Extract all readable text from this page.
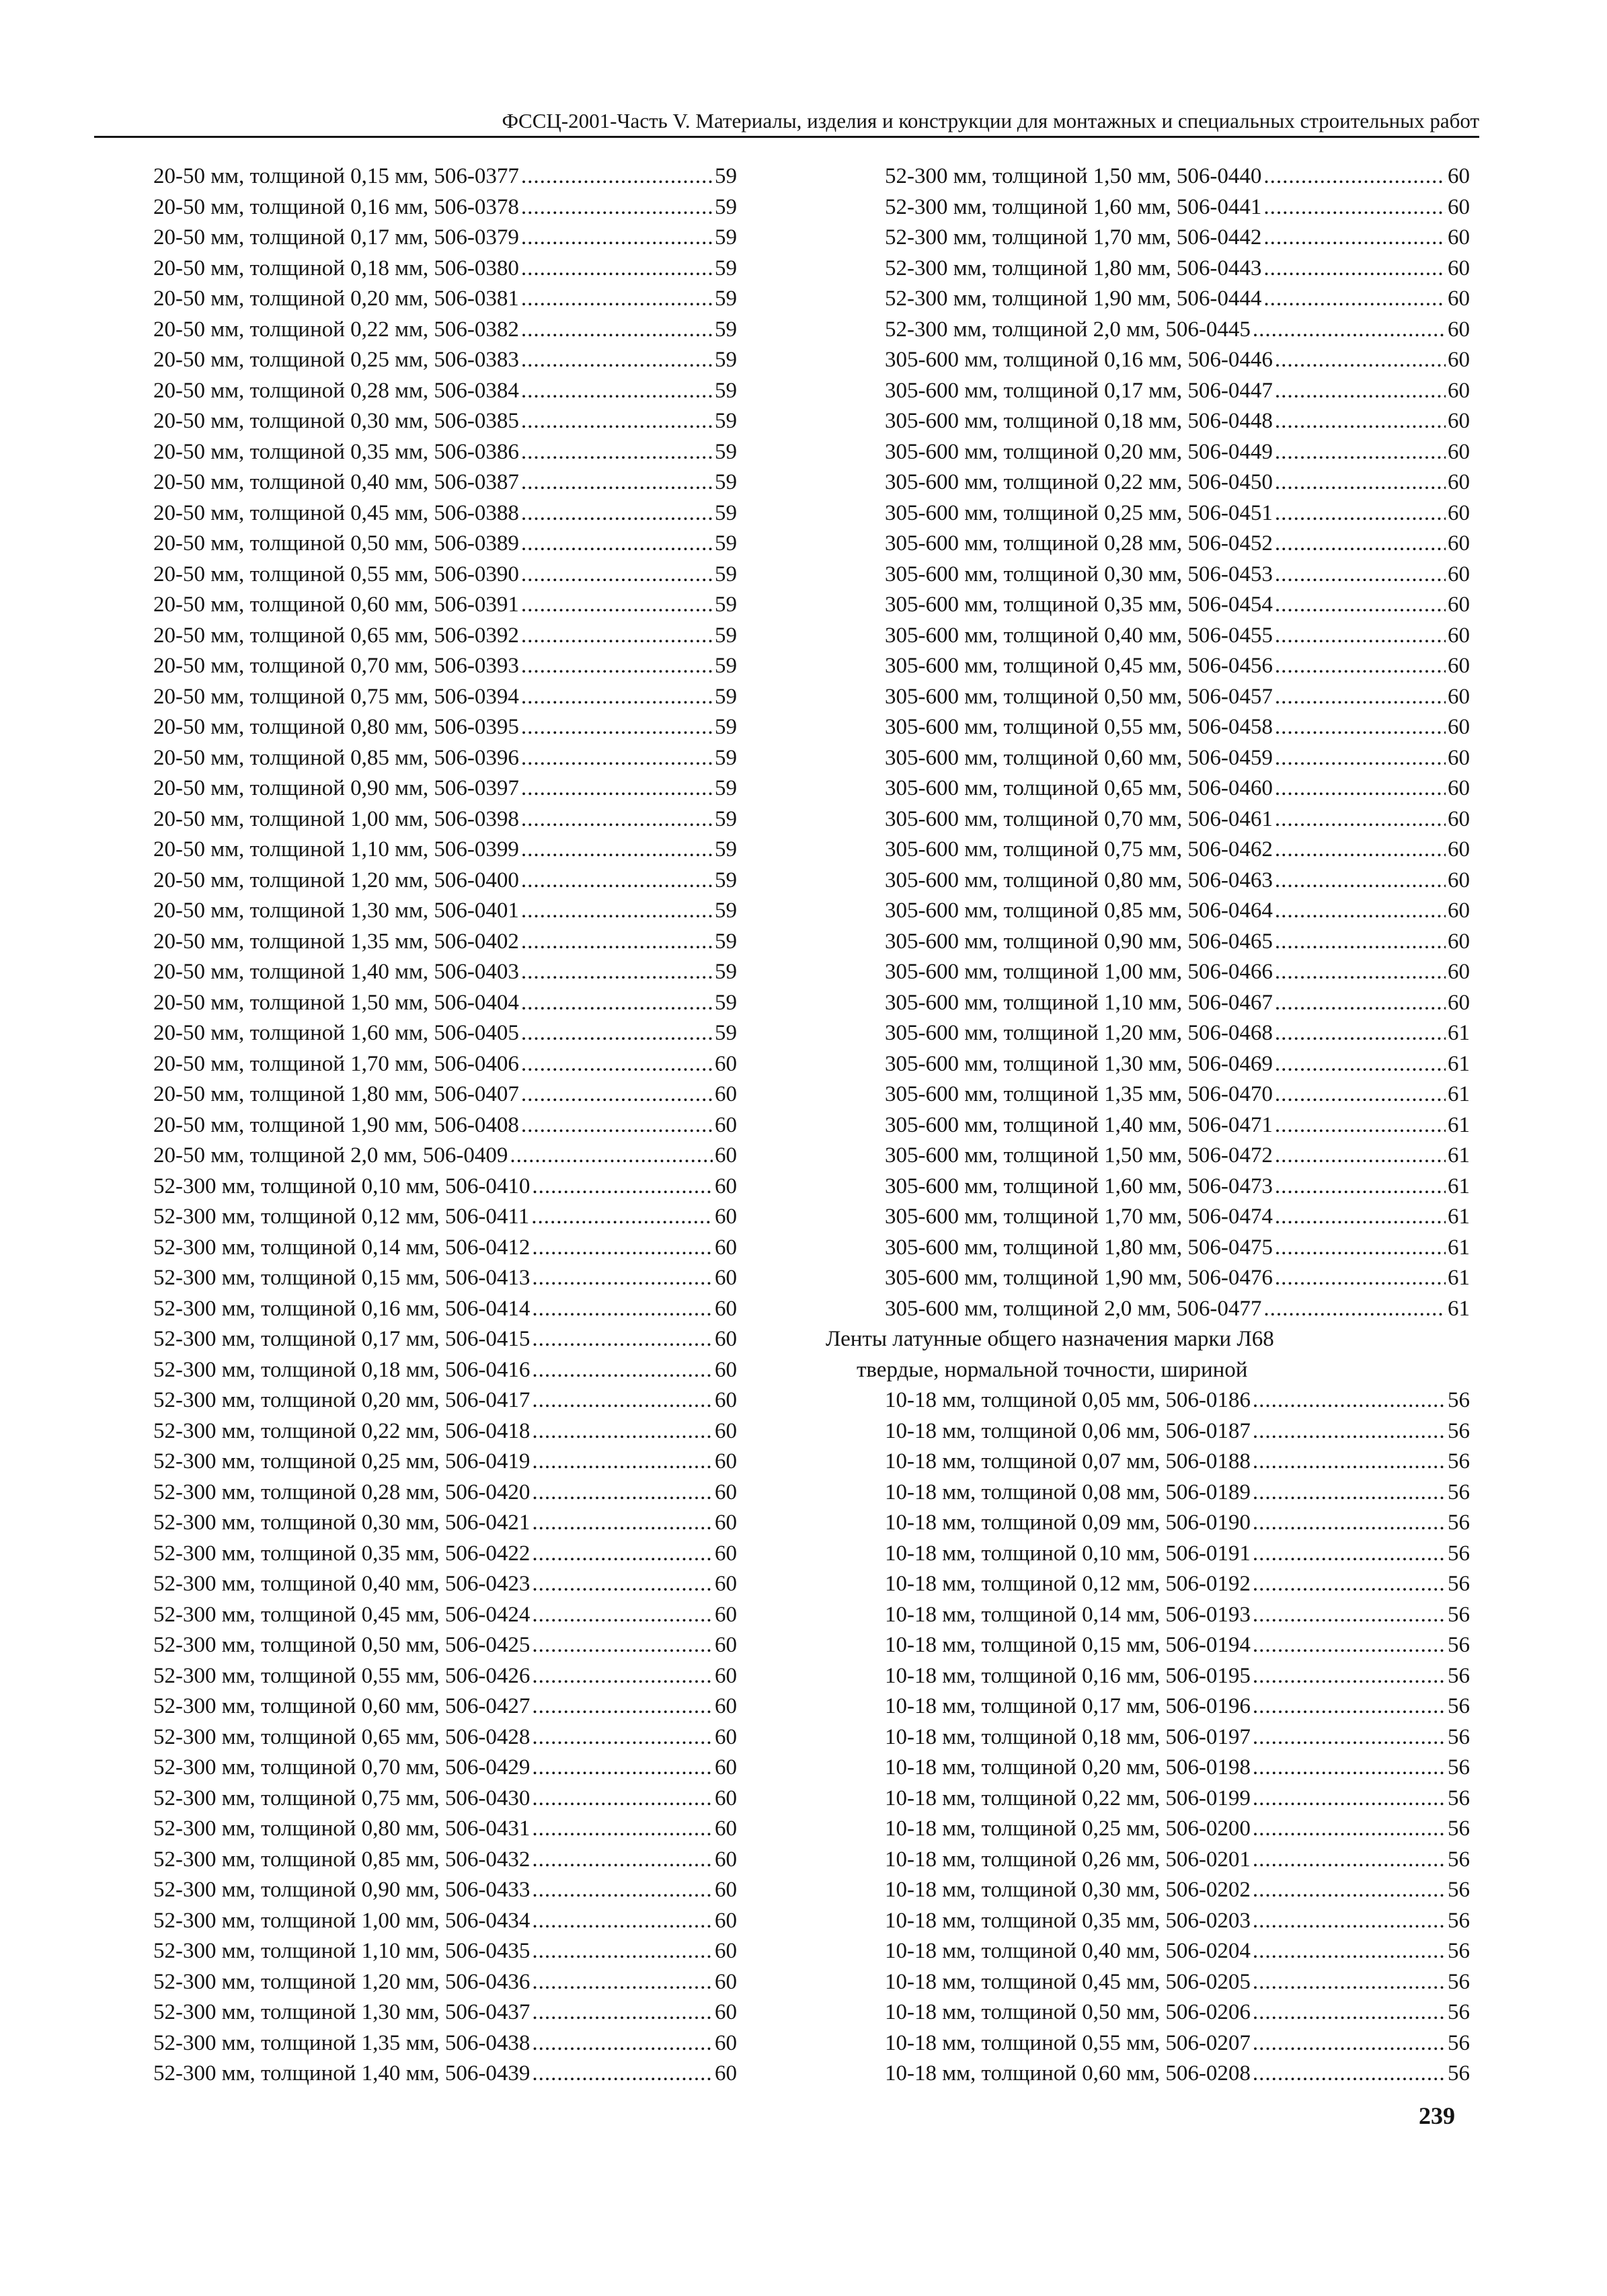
ФССЦ-2001-Часть V. Материалы, изделия и конструкции для монтажных и специальных строительных работ
20-50 мм, толщиной 0,15 мм, 506-0377 .....	59
20-50 мм, толщиной 0,16 мм, 506-0378 .....	59
20-50 мм, толщиной 0,17 мм, 506-0379 .....	59
20-50 мм, толщиной 0,18 мм, 506-0380 .....	59
20-50 мм, толщиной 0,20 мм, 506-0381 .....	59
20-50 мм, толщиной 0,22 мм, 506-0382 .....	59
20-50 мм, толщиной 0,25 мм, 506-0383 .....	59
20-50 мм, толщиной 0,28 мм, 506-0384 .....	59
20-50 мм, толщиной 0,30 мм, 506-0385 .....	59
20-50 мм, толщиной 0,35 мм, 506-0386 .....	59
20-50 мм, толщиной 0,40 мм, 506-0387 .....	59
20-50 мм, толщиной 0,45 мм, 506-0388 .....	59
20-50 мм, толщиной 0,50 мм, 506-0389 .....	59
20-50 мм, толщиной 0,55 мм, 506-0390 .....	59
20-50 мм, толщиной 0,60 мм, 506-0391 .....	59
20-50 мм, толщиной 0,65 мм, 506-0392 .....	59
20-50 мм, толщиной 0,70 мм, 506-0393 .....	59
20-50 мм, толщиной 0,75 мм, 506-0394 .....	59
20-50 мм, толщиной 0,80 мм, 506-0395 .....	59
20-50 мм, толщиной 0,85 мм, 506-0396 .....	59
20-50 мм, толщиной 0,90 мм, 506-0397 .....	59
20-50 мм, толщиной 1,00 мм, 506-0398 .....	59
20-50 мм, толщиной 1,10 мм, 506-0399 .....	59
20-50 мм, толщиной 1,20 мм, 506-0400 .....	59
20-50 мм, толщиной 1,30 мм, 506-0401 .....	59
20-50 мм, толщиной 1,35 мм, 506-0402 .....	59
20-50 мм, толщиной 1,40 мм, 506-0403 .....	59
20-50 мм, толщиной 1,50 мм, 506-0404 .....	59
20-50 мм, толщиной 1,60 мм, 506-0405 .....	59
20-50 мм, толщиной 1,70 мм, 506-0406 .....	60
20-50 мм, толщиной 1,80 мм, 506-0407 .....	60
20-50 мм, толщиной 1,90 мм, 506-0408 .....	60
20-50 мм, толщиной 2,0 мм, 506-0409 .....	60
52-300 мм, толщиной 0,10 мм, 506-0410 .....	60
52-300 мм, толщиной 0,12 мм, 506-0411 .....	60
52-300 мм, толщиной 0,14 мм, 506-0412 .....	60
52-300 мм, толщиной 0,15 мм, 506-0413 .....	60
52-300 мм, толщиной 0,16 мм, 506-0414 .....	60
52-300 мм, толщиной 0,17 мм, 506-0415 .....	60
52-300 мм, толщиной 0,18 мм, 506-0416 .....	60
52-300 мм, толщиной 0,20 мм, 506-0417 .....	60
52-300 мм, толщиной 0,22 мм, 506-0418 .....	60
52-300 мм, толщиной 0,25 мм, 506-0419 .....	60
52-300 мм, толщиной 0,28 мм, 506-0420 .....	60
52-300 мм, толщиной 0,30 мм, 506-0421 .....	60
52-300 мм, толщиной 0,35 мм, 506-0422 .....	60
52-300 мм, толщиной 0,40 мм, 506-0423 .....	60
52-300 мм, толщиной 0,45 мм, 506-0424 .....	60
52-300 мм, толщиной 0,50 мм, 506-0425 .....	60
52-300 мм, толщиной 0,55 мм, 506-0426 .....	60
52-300 мм, толщиной 0,60 мм, 506-0427 .....	60
52-300 мм, толщиной 0,65 мм, 506-0428 .....	60
52-300 мм, толщиной 0,70 мм, 506-0429 .....	60
52-300 мм, толщиной 0,75 мм, 506-0430 .....	60
52-300 мм, толщиной 0,80 мм, 506-0431 .....	60
52-300 мм, толщиной 0,85 мм, 506-0432 .....	60
52-300 мм, толщиной 0,90 мм, 506-0433 .....	60
52-300 мм, толщиной 1,00 мм, 506-0434 .....	60
52-300 мм, толщиной 1,10 мм, 506-0435 .....	60
52-300 мм, толщиной 1,20 мм, 506-0436 .....	60
52-300 мм, толщиной 1,30 мм, 506-0437 .....	60
52-300 мм, толщиной 1,35 мм, 506-0438 .....	60
52-300 мм, толщиной 1,40 мм, 506-0439 .....	60
52-300 мм, толщиной 1,50 мм, 506-0440 .....	60
52-300 мм, толщиной 1,60 мм, 506-0441 .....	60
52-300 мм, толщиной 1,70 мм, 506-0442 .....	60
52-300 мм, толщиной 1,80 мм, 506-0443 .....	60
52-300 мм, толщиной 1,90 мм, 506-0444 .....	60
52-300 мм, толщиной 2,0 мм, 506-0445 .....	60
305-600 мм, толщиной 0,16 мм, 506-0446 .....	60
305-600 мм, толщиной 0,17 мм, 506-0447 .....	60
305-600 мм, толщиной 0,18 мм, 506-0448 .....	60
305-600 мм, толщиной 0,20 мм, 506-0449 .....	60
305-600 мм, толщиной 0,22 мм, 506-0450 .....	60
305-600 мм, толщиной 0,25 мм, 506-0451 .....	60
305-600 мм, толщиной 0,28 мм, 506-0452 .....	60
305-600 мм, толщиной 0,30 мм, 506-0453 .....	60
305-600 мм, толщиной 0,35 мм, 506-0454 .....	60
305-600 мм, толщиной 0,40 мм, 506-0455 .....	60
305-600 мм, толщиной 0,45 мм, 506-0456 .....	60
305-600 мм, толщиной 0,50 мм, 506-0457 .....	60
305-600 мм, толщиной 0,55 мм, 506-0458 .....	60
305-600 мм, толщиной 0,60 мм, 506-0459 .....	60
305-600 мм, толщиной 0,65 мм, 506-0460 .....	60
305-600 мм, толщиной 0,70 мм, 506-0461 .....	60
305-600 мм, толщиной 0,75 мм, 506-0462 .....	60
305-600 мм, толщиной 0,80 мм, 506-0463 .....	60
305-600 мм, толщиной 0,85 мм, 506-0464 .....	60
305-600 мм, толщиной 0,90 мм, 506-0465 .....	60
305-600 мм, толщиной 1,00 мм, 506-0466 .....	60
305-600 мм, толщиной 1,10 мм, 506-0467 .....	60
305-600 мм, толщиной 1,20 мм, 506-0468 .....	61
305-600 мм, толщиной 1,30 мм, 506-0469 .....	61
305-600 мм, толщиной 1,35 мм, 506-0470 .....	61
305-600 мм, толщиной 1,40 мм, 506-0471 .....	61
305-600 мм, толщиной 1,50 мм, 506-0472 .....	61
305-600 мм, толщиной 1,60 мм, 506-0473 .....	61
305-600 мм, толщиной 1,70 мм, 506-0474 .....	61
305-600 мм, толщиной 1,80 мм, 506-0475 .....	61
305-600 мм, толщиной 1,90 мм, 506-0476 .....	61
305-600 мм, толщиной 2,0 мм, 506-0477 .....	61
Ленты латунные общего назначения марки Л68
твердые, нормальной точности, шириной
10-18 мм, толщиной 0,05 мм, 506-0186 .....	56
10-18 мм, толщиной 0,06 мм, 506-0187 .....	56
10-18 мм, толщиной 0,07 мм, 506-0188 .....	56
10-18 мм, толщиной 0,08 мм, 506-0189 .....	56
10-18 мм, толщиной 0,09 мм, 506-0190 .....	56
10-18 мм, толщиной 0,10 мм, 506-0191 .....	56
10-18 мм, толщиной 0,12 мм, 506-0192 .....	56
10-18 мм, толщиной 0,14 мм, 506-0193 .....	56
10-18 мм, толщиной 0,15 мм, 506-0194 .....	56
10-18 мм, толщиной 0,16 мм, 506-0195 .....	56
10-18 мм, толщиной 0,17 мм, 506-0196 .....	56
10-18 мм, толщиной 0,18 мм, 506-0197 .....	56
10-18 мм, толщиной 0,20 мм, 506-0198 .....	56
10-18 мм, толщиной 0,22 мм, 506-0199 .....	56
10-18 мм, толщиной 0,25 мм, 506-0200 .....	56
10-18 мм, толщиной 0,26 мм, 506-0201 .....	56
10-18 мм, толщиной 0,30 мм, 506-0202 .....	56
10-18 мм, толщиной 0,35 мм, 506-0203 .....	56
10-18 мм, толщиной 0,40 мм, 506-0204 .....	56
10-18 мм, толщиной 0,45 мм, 506-0205 .....	56
10-18 мм, толщиной 0,50 мм, 506-0206 .....	56
10-18 мм, толщиной 0,55 мм, 506-0207 .....	56
10-18 мм, толщиной 0,60 мм, 506-0208 .....	56
239
